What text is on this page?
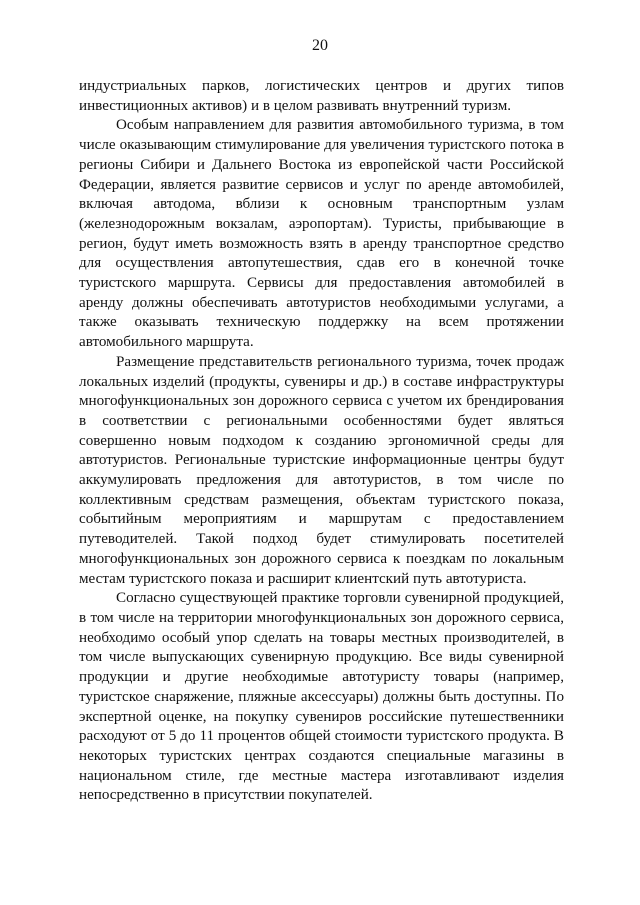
20

индустриальных парков, логистических центров и других типов инвестиционных активов) и в целом развивать внутренний туризм.

Особым направлением для развития автомобильного туризма, в том числе оказывающим стимулирование для увеличения туристского потока в регионы Сибири и Дальнего Востока из европейской части Российской Федерации, является развитие сервисов и услуг по аренде автомобилей, включая автодома, вблизи к основным транспортным узлам (железнодорожным вокзалам, аэропортам). Туристы, прибывающие в регион, будут иметь возможность взять в аренду транспортное средство для осуществления автопутешествия, сдав его в конечной точке туристского маршрута. Сервисы для предоставления автомобилей в аренду должны обеспечивать автотуристов необходимыми услугами, а также оказывать техническую поддержку на всем протяжении автомобильного маршрута.

Размещение представительств регионального туризма, точек продаж локальных изделий (продукты, сувениры и др.) в составе инфраструктуры многофункциональных зон дорожного сервиса с учетом их брендирования в соответствии с региональными особенностями будет являться совершенно новым подходом к созданию эргономичной среды для автотуристов. Региональные туристские информационные центры будут аккумулировать предложения для автотуристов, в том числе по коллективным средствам размещения, объектам туристского показа, событийным мероприятиям и маршрутам с предоставлением путеводителей. Такой подход будет стимулировать посетителей многофункциональных зон дорожного сервиса к поездкам по локальным местам туристского показа и расширит клиентский путь автотуриста.

Согласно существующей практике торговли сувенирной продукцией, в том числе на территории многофункциональных зон дорожного сервиса, необходимо особый упор сделать на товары местных производителей, в том числе выпускающих сувенирную продукцию. Все виды сувенирной продукции и другие необходимые автотуристу товары (например, туристское снаряжение, пляжные аксессуары) должны быть доступны. По экспертной оценке, на покупку сувениров российские путешественники расходуют от 5 до 11 процентов общей стоимости туристского продукта. В некоторых туристских центрах создаются специальные магазины в национальном стиле, где местные мастера изготавливают изделия непосредственно в присутствии покупателей.
